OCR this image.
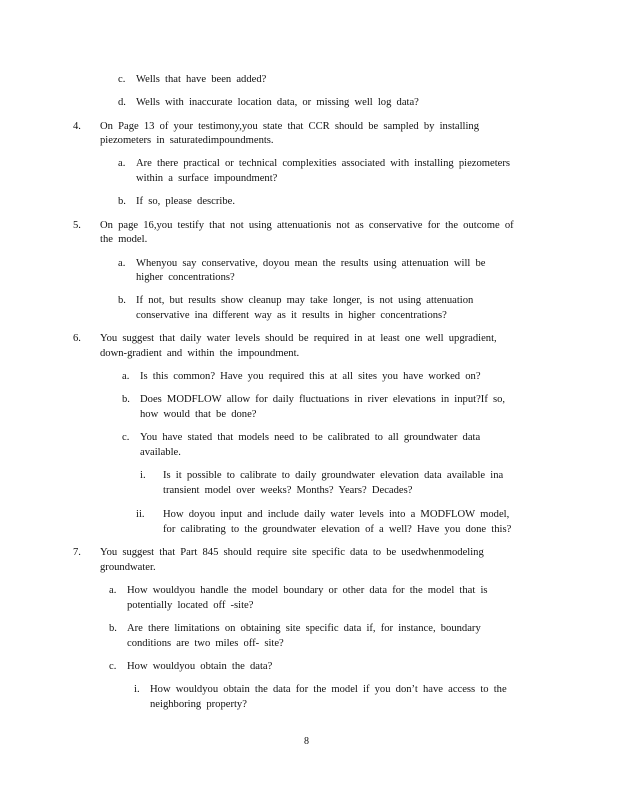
c. Wells that have been added?
d. Wells with inaccurate location data, or missing well log data?
4. On Page 13 of your testimony,you state that CCR should be sampled by installing
piezometers in saturatedimpoundments.
a. Are there practical or technical complexities associated with installing piezometers
within a surface impoundment?
b. If so, please describe.
5. On page 16,you testify that not using attenuationis not as conservative for the outcome of
the model.
a. Whenyou say conservative, doyou mean the results using attenuation will be
higher concentrations?
b. If not, but results show cleanup may take longer, is not using attenuation
conservative ina different way as it results in higher concentrations?
6. You suggest that daily water levels should be required in at least one well upgradient,
down-gradient and within the impoundment.
a. Is this common? Have you required this at all sites you have worked on?
b. Does MODFLOW allow for daily fluctuations in river elevations in input?If so,
how would that be done?
c. You have stated that models need to be calibrated to all groundwater data
available.
i. Is it possible to calibrate to daily groundwater elevation data available ina
transient model over weeks? Months? Years? Decades?
ii. How doyou input and include daily water levels into a MODFLOW model,
for calibrating to the groundwater elevation of a well? Have you done this?
7. You suggest that Part 845 should require site specific data to be usedwhenmodeling
groundwater.
a. How wouldyou handle the model boundary or other data for the model that is
potentially located off -site?
b. Are there limitations on obtaining site specific data if, for instance, boundary
conditions are two miles off- site?
c. How wouldyou obtain the data?
i. How wouldyou obtain the data for the model if you don’t have access to the
neighboring property?
8
